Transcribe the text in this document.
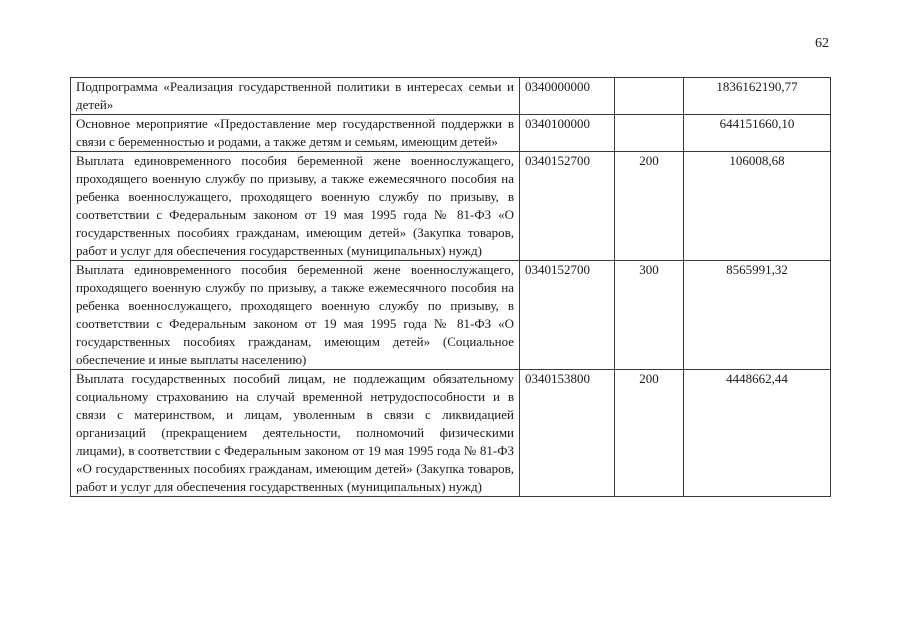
62
Подпрограмма «Реализация государственной политики в интересах семьи и детей»	0340000000		1836162190,77
Основное мероприятие «Предоставление мер государственной поддержки в связи с беременностью и родами, а также детям и семьям, имеющим детей»	0340100000		644151660,10
Выплата единовременного пособия беременной жене военнослужащего, проходящего военную службу по призыву, а также ежемесячного пособия на ребенка военнослужащего, проходящего военную службу по призыву, в соответствии с Федеральным законом от 19 мая 1995 года № 81-ФЗ «О государственных пособиях гражданам, имеющим детей» (Закупка товаров, работ и услуг для обеспечения государственных (муниципальных) нужд)	0340152700	200	106008,68
Выплата единовременного пособия беременной жене военнослужащего, проходящего военную службу по призыву, а также ежемесячного пособия на ребенка военнослужащего, проходящего военную службу по призыву, в соответствии с Федеральным законом от 19 мая 1995 года № 81-ФЗ «О государственных пособиях гражданам, имеющим детей» (Социальное обеспечение и иные выплаты населению)	0340152700	300	8565991,32
Выплата государственных пособий лицам, не подлежащим обязательному социальному страхованию на случай временной нетрудоспособности и в связи с материнством, и лицам, уволенным в связи с ликвидацией организаций (прекращением деятельности, полномочий физическими лицами), в соответствии с Федеральным законом от 19 мая 1995 года № 81-ФЗ «О государственных пособиях гражданам, имеющим детей» (Закупка товаров, работ и услуг для обеспечения государственных (муниципальных) нужд)	0340153800	200	4448662,44
